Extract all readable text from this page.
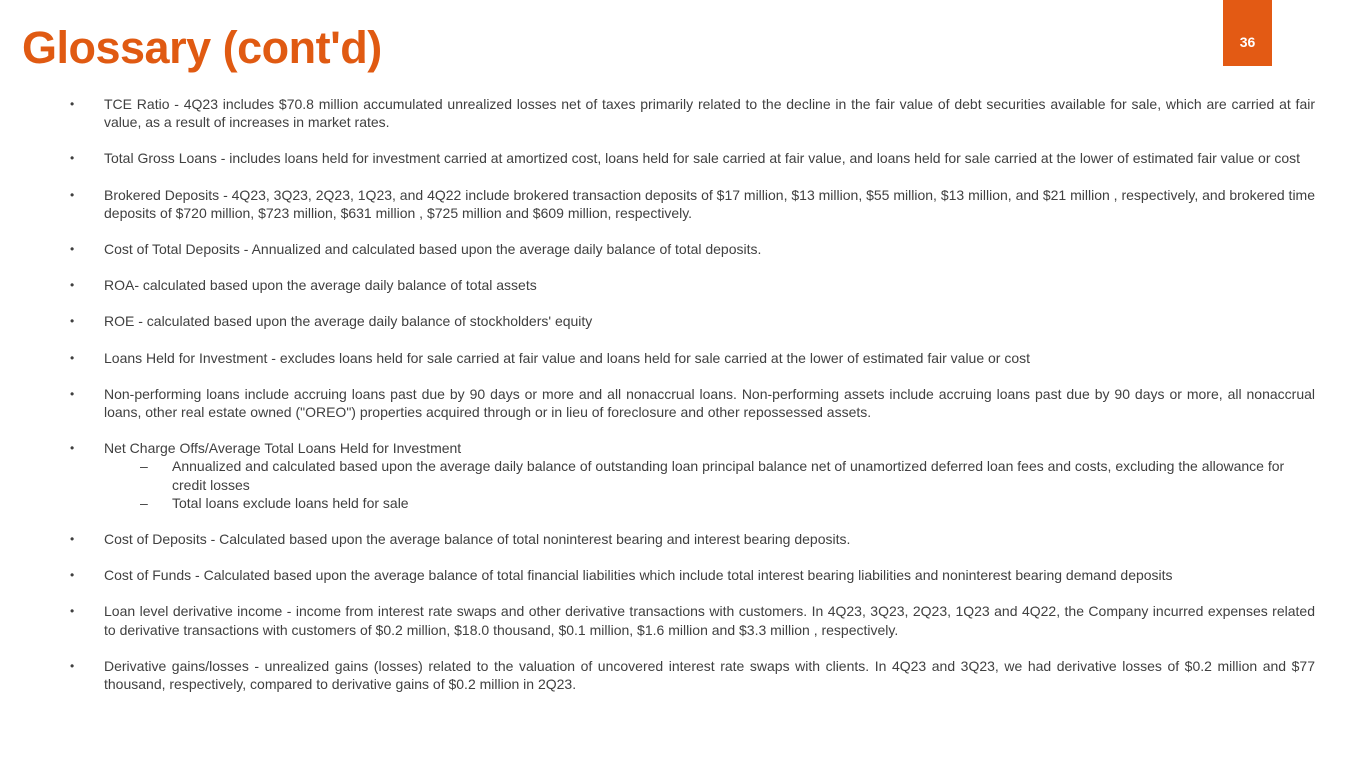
Glossary (cont'd)	36
• TCE Ratio - 4Q23 includes $70.8 million accumulated unrealized losses net of taxes primarily related to the decline in the fair value of debt securities available for sale, which are carried at fair value, as a result of increases in market rates.
• Total Gross Loans - includes loans held for investment carried at amortized cost, loans held for sale carried at fair value, and loans held for sale carried at the lower of estimated fair value or cost
• Brokered Deposits - 4Q23, 3Q23, 2Q23, 1Q23, and 4Q22 include brokered transaction deposits of $17 million, $13 million, $55 million, $13 million, and $21 million , respectively, and brokered time deposits of $720 million, $723 million, $631 million , $725 million and $609 million, respectively.
• Cost of Total Deposits - Annualized and calculated based upon the average daily balance of total deposits.
• ROA- calculated based upon the average daily balance of total assets
• ROE - calculated based upon the average daily balance of stockholders' equity
• Loans Held for Investment - excludes loans held for sale carried at fair value and loans held for sale carried at the lower of estimated fair value or cost
• Non-performing loans include accruing loans past due by 90 days or more and all nonaccrual loans. Non-performing assets include accruing loans past due by 90 days or more, all nonaccrual loans, other real estate owned ("OREO") properties acquired through or in lieu of foreclosure and other repossessed assets.
• Net Charge Offs/Average Total Loans Held for Investment
– Annualized and calculated based upon the average daily balance of outstanding loan principal balance net of unamortized deferred loan fees and costs, excluding the allowance for credit losses
– Total loans exclude loans held for sale
• Cost of Deposits - Calculated based upon the average balance of total noninterest bearing and interest bearing deposits.
• Cost of Funds - Calculated based upon the average balance of total financial liabilities which include total interest bearing liabilities and noninterest bearing demand deposits
• Loan level derivative income - income from interest rate swaps and other derivative transactions with customers. In 4Q23, 3Q23, 2Q23, 1Q23 and 4Q22, the Company incurred expenses related to derivative transactions with customers of $0.2 million, $18.0 thousand, $0.1 million, $1.6 million and $3.3 million , respectively.
• Derivative gains/losses - unrealized gains (losses) related to the valuation of uncovered interest rate swaps with clients. In 4Q23 and 3Q23, we had derivative losses of $0.2 million and $77 thousand, respectively, compared to derivative gains of $0.2 million in 2Q23.
